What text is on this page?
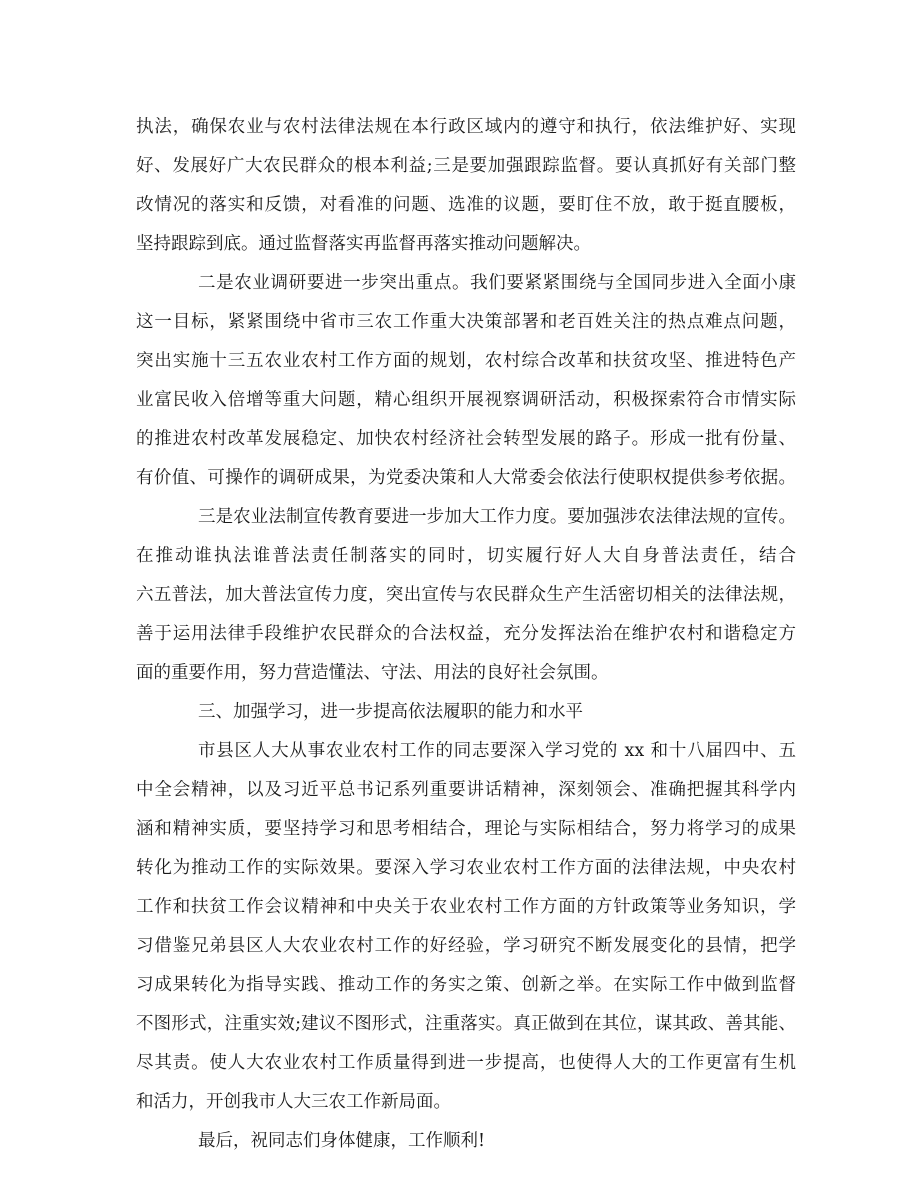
执法，确保农业与农村法律法规在本行政区域内的遵守和执行，依法维护好、实现
好、发展好广大农民群众的根本利益;三是要加强跟踪监督。要认真抓好有关部门整
改情况的落实和反馈，对看准的问题、选准的议题，要盯住不放，敢于挺直腰板，
坚持跟踪到底。通过监督落实再监督再落实推动问题解决。
二是农业调研要进一步突出重点。我们要紧紧围绕与全国同步进入全面小康
这一目标，紧紧围绕中省市三农工作重大决策部署和老百姓关注的热点难点问题，
突出实施十三五农业农村工作方面的规划，农村综合改革和扶贫攻坚、推进特色产
业富民收入倍增等重大问题，精心组织开展视察调研活动，积极探索符合市情实际
的推进农村改革发展稳定、加快农村经济社会转型发展的路子。形成一批有份量、
有价值、可操作的调研成果，为党委决策和人大常委会依法行使职权提供参考依据。
三是农业法制宣传教育要进一步加大工作力度。要加强涉农法律法规的宣传。
在推动谁执法谁普法责任制落实的同时，切实履行好人大自身普法责任，结合
六五普法，加大普法宣传力度，突出宣传与农民群众生产生活密切相关的法律法规，
善于运用法律手段维护农民群众的合法权益，充分发挥法治在维护农村和谐稳定方
面的重要作用，努力营造懂法、守法、用法的良好社会氛围。
三、加强学习，进一步提高依法履职的能力和水平
市县区人大从事农业农村工作的同志要深入学习党的 xx 和十八届四中、五
中全会精神，以及习近平总书记系列重要讲话精神，深刻领会、准确把握其科学内
涵和精神实质，要坚持学习和思考相结合，理论与实际相结合，努力将学习的成果
转化为推动工作的实际效果。要深入学习农业农村工作方面的法律法规，中央农村
工作和扶贫工作会议精神和中央关于农业农村工作方面的方针政策等业务知识，学
习借鉴兄弟县区人大农业农村工作的好经验，学习研究不断发展变化的县情，把学
习成果转化为指导实践、推动工作的务实之策、创新之举。在实际工作中做到监督
不图形式，注重实效;建议不图形式，注重落实。真正做到在其位，谋其政、善其能、
尽其责。使人大农业农村工作质量得到进一步提高，也使得人大的工作更富有生机
和活力，开创我市人大三农工作新局面。
最后，祝同志们身体健康，工作顺利!
